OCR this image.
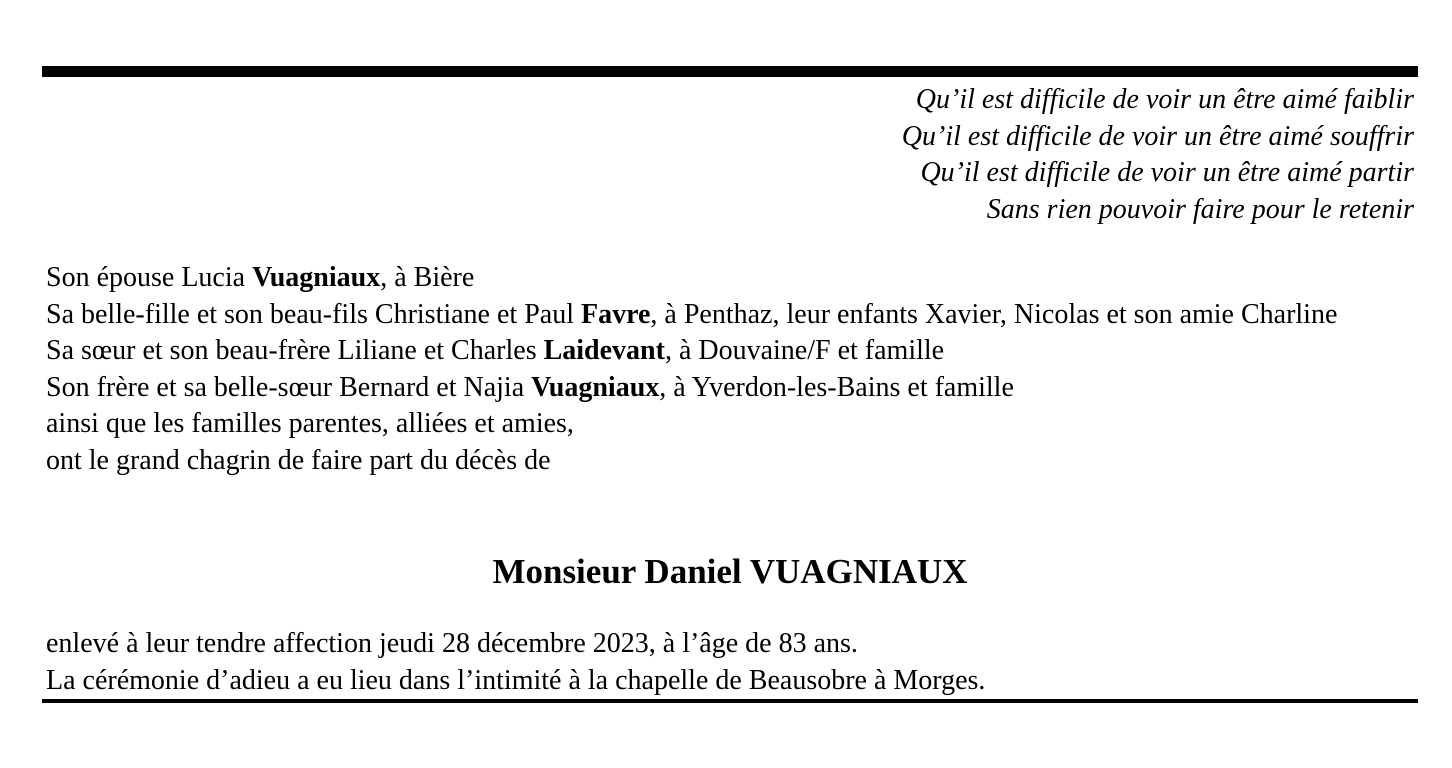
Qu’il est difficile de voir un être aimé faiblir
Qu’il est difficile de voir un être aimé souffrir
Qu’il est difficile de voir un être aimé partir
Sans rien pouvoir faire pour le retenir
Son épouse Lucia Vuagniaux, à Bière
Sa belle-fille et son beau-fils Christiane et Paul Favre, à Penthaz, leur enfants Xavier, Nicolas et son amie Charline
Sa sœur et son beau-frère Liliane et Charles Laidevant, à Douvaine/F et famille
Son frère et sa belle-sœur Bernard et Najia Vuagniaux, à Yverdon-les-Bains et famille
ainsi que les familles parentes, alliées et amies,
ont le grand chagrin de faire part du décès de
Monsieur Daniel VUAGNIAUX
enlevé à leur tendre affection jeudi 28 décembre 2023, à l’âge de 83 ans.
La cérémonie d’adieu a eu lieu dans l’intimité à la chapelle de Beausobre à Morges.
